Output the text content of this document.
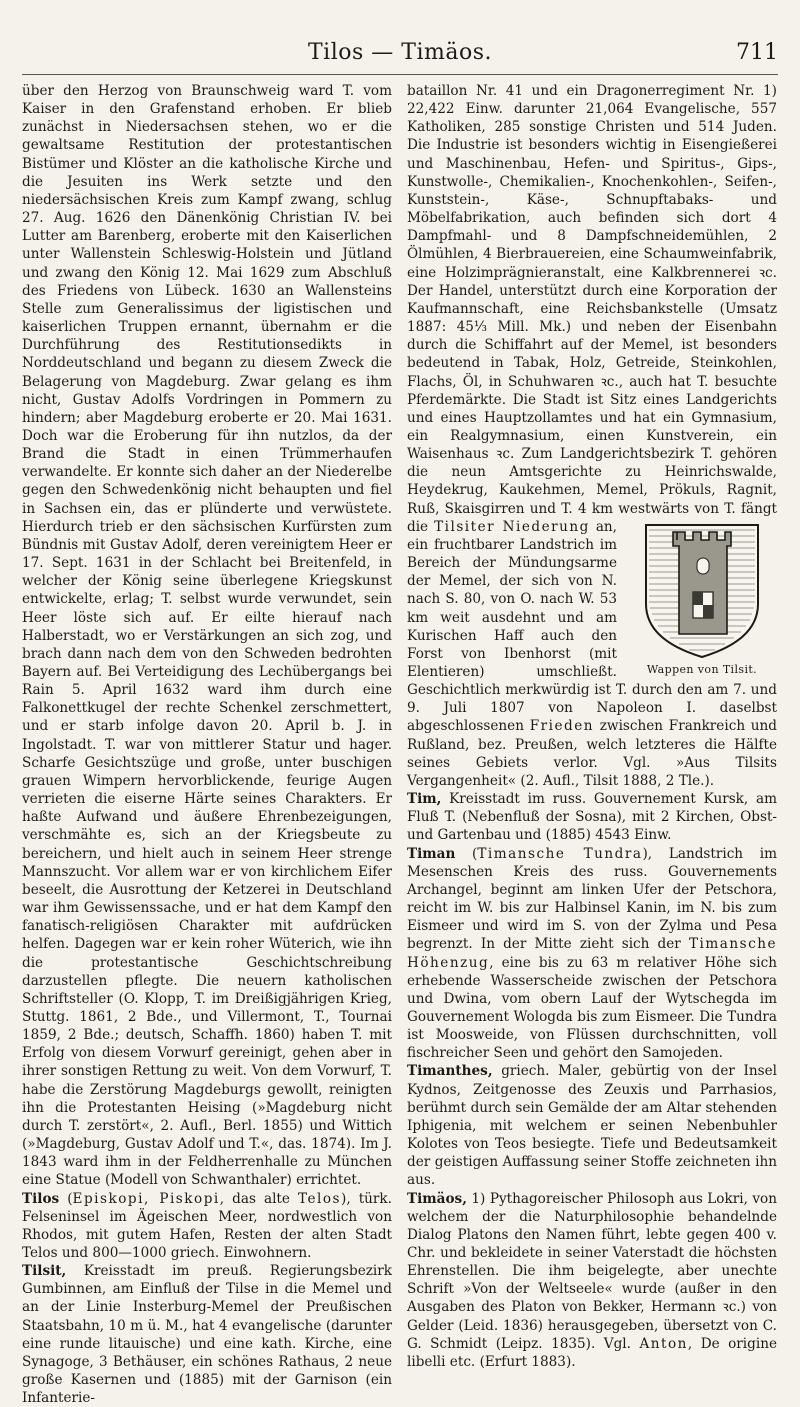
Tilos — Timäos.	711

über den Herzog von Braunschweig ward T. vom Kaiser in den Grafenstand erhoben. Er blieb zunächst in Niedersachsen stehen, wo er die gewaltsame Restitution der protestantischen Bistümer und Klöster an die katholische Kirche und die Jesuiten ins Werk setzte und den niedersächsischen Kreis zum Kampf zwang, schlug 27. Aug. 1626 den Dänenkönig Christian IV. bei Lutter am Barenberg, eroberte mit den Kaiserlichen unter Wallenstein Schleswig-Holstein und Jütland und zwang den König 12. Mai 1629 zum Abschluß des Friedens von Lübeck. 1630 an Wallensteins Stelle zum Generalissimus der ligistischen und kaiserlichen Truppen ernannt, übernahm er die Durchführung des Restitutionsedikts in Norddeutschland und begann zu diesem Zweck die Belagerung von Magdeburg. Zwar gelang es ihm nicht, Gustav Adolfs Vordringen in Pommern zu hindern; aber Magdeburg eroberte er 20. Mai 1631. Doch war die Eroberung für ihn nutzlos, da der Brand die Stadt in einen Trümmerhaufen verwandelte. Er konnte sich daher an der Niederelbe gegen den Schwedenkönig nicht behaupten und fiel in Sachsen ein, das er plünderte und verwüstete. Hierdurch trieb er den sächsischen Kurfürsten zum Bündnis mit Gustav Adolf, deren vereinigtem Heer er 17. Sept. 1631 in der Schlacht bei Breitenfeld, in welcher der König seine überlegene Kriegskunst entwickelte, erlag; T. selbst wurde verwundet, sein Heer löste sich auf. Er eilte hierauf nach Halberstadt, wo er Verstärkungen an sich zog, und brach dann nach dem von den Schweden bedrohten Bayern auf. Bei Verteidigung des Lechübergangs bei Rain 5. April 1632 ward ihm durch eine Falkonettkugel der rechte Schenkel zerschmettert, und er starb infolge davon 20. April b. J. in Ingolstadt. T. war von mittlerer Statur und hager. Scharfe Gesichtszüge und große, unter buschigen grauen Wimpern hervorblickende, feurige Augen verrieten die eiserne Härte seines Charakters. Er haßte Aufwand und äußere Ehrenbezeigungen, verschmähte es, sich an der Kriegsbeute zu bereichern, und hielt auch in seinem Heer strenge Mannszucht. Vor allem war er von kirchlichem Eifer beseelt, die Ausrottung der Ketzerei in Deutschland war ihm Gewissenssache, und er hat dem Kampf den fanatisch-religiösen Charakter mit aufdrücken helfen. Dagegen war er kein roher Wüterich, wie ihn die protestantische Geschichtschreibung darzustellen pflegte. Die neuern katholischen Schriftsteller (O. Klopp, T. im Dreißigjährigen Krieg, Stuttg. 1861, 2 Bde., und Villermont, T., Tournai 1859, 2 Bde.; deutsch, Schaffh. 1860) haben T. mit Erfolg von diesem Vorwurf gereinigt, gehen aber in ihrer sonstigen Rettung zu weit. Von dem Vorwurf, T. habe die Zerstörung Magdeburgs gewollt, reinigten ihn die Protestanten Heising (»Magdeburg nicht durch T. zerstört«, 2. Aufl., Berl. 1855) und Wittich (»Magdeburg, Gustav Adolf und T.«, das. 1874). Im J. 1843 ward ihm in der Feldherrenhalle zu München eine Statue (Modell von Schwanthaler) errichtet.

Tilos (Episkopi, Piskopi, das alte Telos), türk. Felseninsel im Ägeischen Meer, nordwestlich von Rhodos, mit gutem Hafen, Resten der alten Stadt Telos und 800—1000 griech. Einwohnern.

Tilsit, Kreisstadt im preuß. Regierungsbezirk Gumbinnen, am Einfluß der Tilse in die Memel und an der Linie Insterburg-Memel der Preußischen Staatsbahn, 10 m ü. M., hat 4 evangelische (darunter eine runde litauische) und eine kath. Kirche, eine Synagoge, 3 Bethäuser, ein schönes Rathaus, 2 neue große Kasernen und (1885) mit der Garnison (ein Infanterie-

bataillon Nr. 41 und ein Dragonerregiment Nr. 1) 22,422 Einw. darunter 21,064 Evangelische, 557 Katholiken, 285 sonstige Christen und 514 Juden. Die Industrie ist besonders wichtig in Eisengießerei und Maschinenbau, Hefen- und Spiritus-, Gips-, Kunstwolle-, Chemikalien-, Knochenkohlen-, Seifen-, Kunststein-, Käse-, Schnupftabaks- und Möbelfabrikation, auch befinden sich dort 4 Dampfmahl- und 8 Dampfschneidemühlen, 2 Ölmühlen, 4 Bierbrauereien, eine Schaumweinfabrik, eine Holzimprägnieranstalt, eine Kalkbrennerei ꝛc. Der Handel, unterstützt durch eine Korporation der Kaufmannschaft, eine Reichsbankstelle (Umsatz 1887: 45⅓ Mill. Mk.) und neben der Eisenbahn durch die Schiffahrt auf der Memel, ist besonders bedeutend in Tabak, Holz, Getreide, Steinkohlen, Flachs, Öl, in Schuhwaren ꝛc., auch hat T. besuchte Pferdemärkte. Die Stadt ist Sitz eines Landgerichts und eines Hauptzollamtes und hat ein Gymnasium, ein Realgymnasium, einen Kunstverein, ein Waisenhaus ꝛc. Zum Landgerichtsbezirk T. gehören die neun Amtsgerichte zu Heinrichswalde, Heydekrug, Kaukehmen, Memel, Prökuls, Ragnit, Ruß, Skaisgirren und T. 4 km westwärts von T. fängt die
Wappen von Tilsit.
Tilsiter Niederung an, ein fruchtbarer Landstrich im Bereich der Mündungsarme der Memel, der sich von N. nach S. 80, von O. nach W. 53 km weit ausdehnt und am Kurischen Haff auch den Forst von Ibenhorst (mit Elentieren) umschließt. Geschichtlich merkwürdig ist T. durch den am 7. und 9. Juli 1807 von Napoleon I. daselbst abgeschlossenen Frieden zwischen Frankreich und Rußland, bez. Preußen, welch letzteres die Hälfte seines Gebiets verlor. Vgl. »Aus Tilsits Vergangenheit« (2. Aufl., Tilsit 1888, 2 Tle.).

Tim, Kreisstadt im russ. Gouvernement Kursk, am Fluß T. (Nebenfluß der Sosna), mit 2 Kirchen, Obst- und Gartenbau und (1885) 4543 Einw.

Timan (Timansche Tundra), Landstrich im Mesenschen Kreis des russ. Gouvernements Archangel, beginnt am linken Ufer der Petschora, reicht im W. bis zur Halbinsel Kanin, im N. bis zum Eismeer und wird im S. von der Zylma und Pesa begrenzt. In der Mitte zieht sich der Timansche Höhenzug, eine bis zu 63 m relativer Höhe sich erhebende Wasserscheide zwischen der Petschora und Dwina, vom obern Lauf der Wytschegda im Gouvernement Wologda bis zum Eismeer. Die Tundra ist Moosweide, von Flüssen durchschnitten, voll fischreicher Seen und gehört den Samojeden.

Timanthes, griech. Maler, gebürtig von der Insel Kydnos, Zeitgenosse des Zeuxis und Parrhasios, berühmt durch sein Gemälde der am Altar stehenden Iphigenia, mit welchem er seinen Nebenbuhler Kolotes von Teos besiegte. Tiefe und Bedeutsamkeit der geistigen Auffassung seiner Stoffe zeichneten ihn aus.

Timäos, 1) Pythagoreischer Philosoph aus Lokri, von welchem der die Naturphilosophie behandelnde Dialog Platons den Namen führt, lebte gegen 400 v. Chr. und bekleidete in seiner Vaterstadt die höchsten Ehrenstellen. Die ihm beigelegte, aber unechte Schrift »Von der Weltseele« wurde (außer in den Ausgaben des Platon von Bekker, Hermann ꝛc.) von Gelder (Leid. 1836) herausgegeben, übersetzt von C. G. Schmidt (Leipz. 1835). Vgl. Anton, De origine libelli etc. (Erfurt 1883).
